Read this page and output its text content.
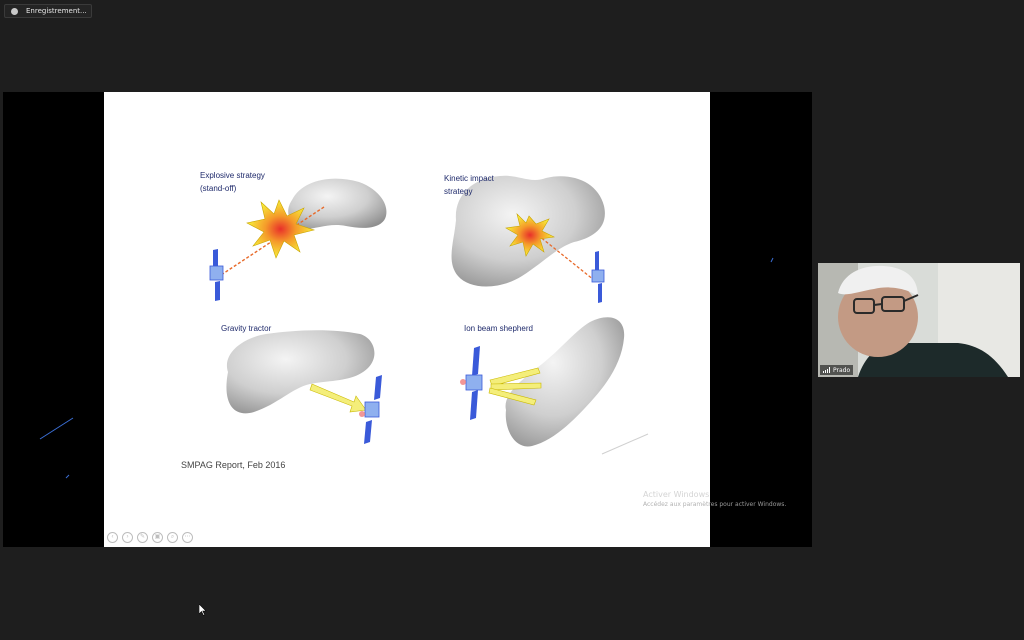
Enregistrement...
Explosive strategy
(stand-off)
Kinetic impact
strategy
Gravity tractor	Ion beam shepherd
SMPAG Report, Feb 2016
‹	›	✎	▣	⌕	⋯
Activer Windows
Accédez aux paramètres pour activer Windows.
Prado
